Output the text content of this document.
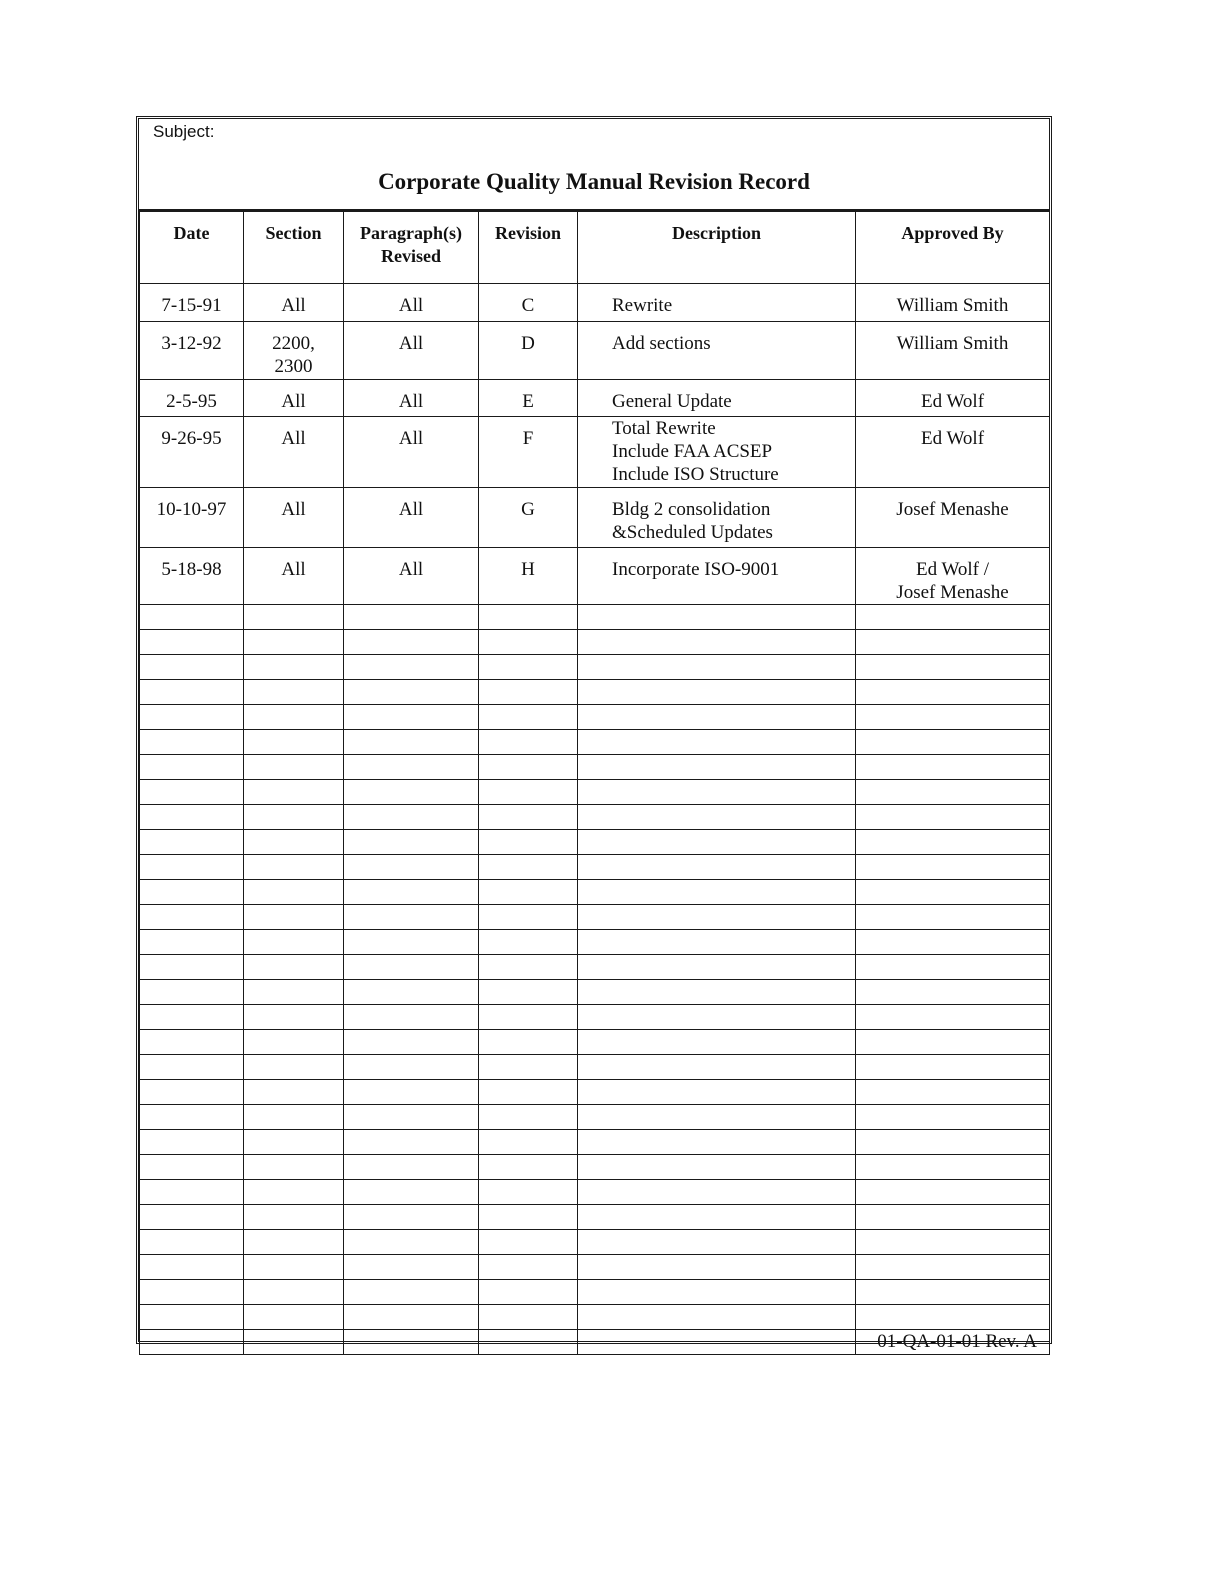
Subject:
Corporate Quality Manual Revision Record
Date	Section	Paragraph(s)
Revised	Revision	Description	Approved By

7-15-91	All	All	C	Rewrite	William Smith

3-12-92	2200,
2300	All	D	Add sections	William Smith

2-5-95	All	All	E	General Update	Ed Wolf

9-26-95	All	All	F	Total Rewrite
Include FAA ACSEP
Include ISO Structure	Ed Wolf

10-10-97	All	All	G	Bldg 2 consolidation
&Scheduled Updates	Josef Menashe

5-18-98	All	All	H	Incorporate ISO-9001	Ed Wolf /
Josef Menashe

					01-QA-01-01 Rev. A
